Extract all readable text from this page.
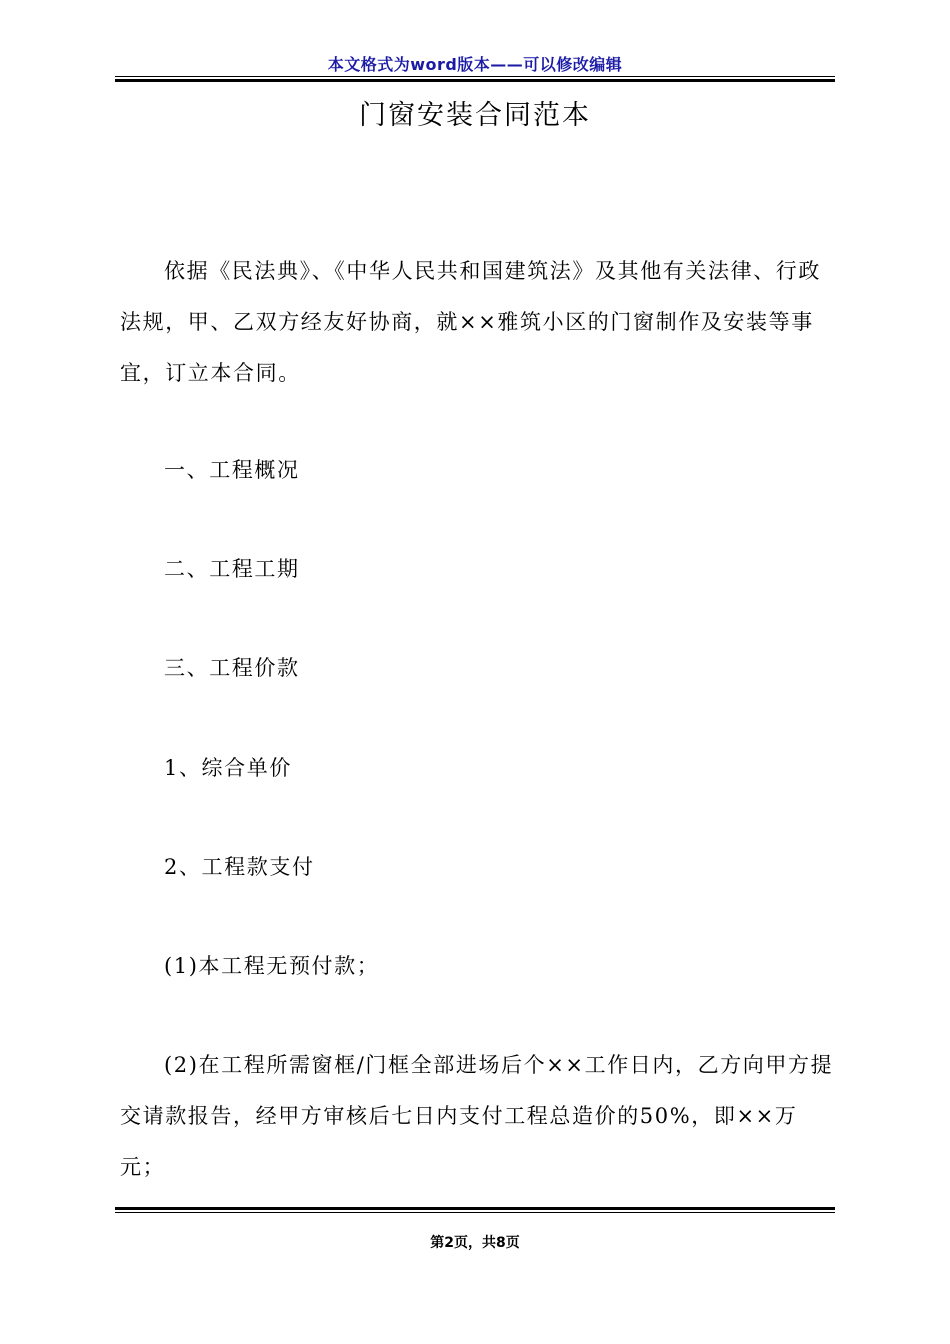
本文格式为word版本——可以修改编辑
门窗安装合同范本
依据《民法典》、《中华人民共和国建筑法》及其他有关法律、行政法规，甲、乙双方经友好协商，就××雅筑小区的门窗制作及安装等事宜，订立本合同。
一、工程概况
二、工程工期
三、工程价款
1、综合单价
2、工程款支付
(1)本工程无预付款；
(2)在工程所需窗框/门框全部进场后个××工作日内，乙方向甲方提交请款报告，经甲方审核后七日内支付工程总造价的50%，即××万元；
第2页，共8页
